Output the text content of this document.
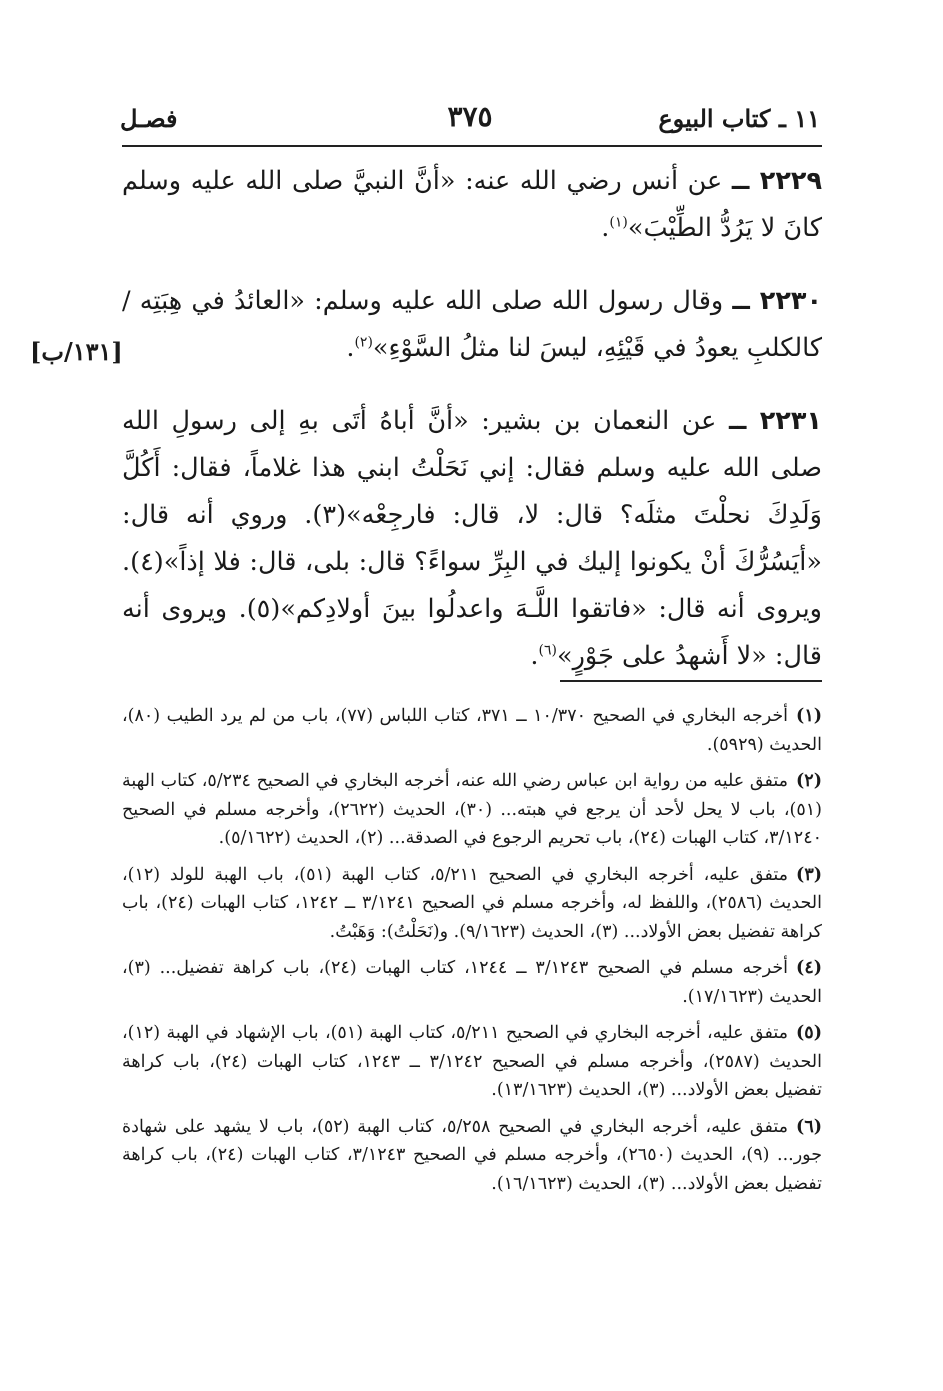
١١ ـ كتاب البيوع
٣٧٥
فصـل

٢٢٢٩ ــ عن أنس رضي الله عنه: «أنَّ النبيَّ صلى الله عليه وسلم كانَ لا يَرُدُّ الطِّيْبَ»$^{(١)}$.

٢٢٣٠ ــ وقال رسول الله صلى الله عليه وسلم: «العائدُ في هِبَتِه / كالكلبِ يعودُ في قَيْئِهِ، ليسَ لنا مثلُ السَّوْءِ»$^{(٢)}$.

٢٢٣١ ــ عن النعمان بن بشير: «أنَّ أباهُ أتَى بهِ إلى رسولِ الله صلى الله عليه وسلم فقال: إني نَحَلْتُ ابني هذا غلاماً، فقال: أَكُلَّ وَلَدِكَ نحلْتَ مثلَه؟ قال: لا، قال: فارجِعْه»(٣). وروي أنه قال: «أيَسُرُّكَ أنْ يكونوا إليك في البِرِّ سواءً؟ قال: بلى، قال: فلا إذاً»(٤). ويروى أنه قال: «فاتقوا اللَّـهَ واعدلُوا بينَ أولادِكم»(٥). ويروى أنه قال: «لا أَشهدُ على جَوْرٍ»$^{(٦)}$.

[١٣١/ب]

(١)أخرجه البخاري في الصحيح ١٠/٣٧٠ ــ ٣٧١، كتاب اللباس (٧٧)، باب من لم يرد الطيب (٨٠)، الحديث (٥٩٢٩).

(٢)متفق عليه من رواية ابن عباس رضي الله عنه، أخرجه البخاري في الصحيح ٥/٢٣٤، كتاب الهبة (٥١)، باب لا يحل لأحد أن يرجع في هبته... (٣٠)، الحديث (٢٦٢٢)، وأخرجه مسلم في الصحيح ٣/١٢٤٠، كتاب الهبات (٢٤)، باب تحريم الرجوع في الصدقة... (٢)، الحديث (٥/١٦٢٢).

(٣)متفق عليه، أخرجه البخاري في الصحيح ٥/٢١١، كتاب الهبة (٥١)، باب الهبة للولد (١٢)، الحديث (٢٥٨٦)، واللفظ له، وأخرجه مسلم في الصحيح ٣/١٢٤١ ــ ١٢٤٢، كتاب الهبات (٢٤)، باب كراهة تفضيل بعض الأولاد... (٣)، الحديث (٩/١٦٢٣). و(نَحَلْتُ): وَهَبْتُ.

(٤)أخرجه مسلم في الصحيح ٣/١٢٤٣ ــ ١٢٤٤، كتاب الهبات (٢٤)، باب كراهة تفضيل... (٣)، الحديث (١٧/١٦٢٣).

(٥)متفق عليه، أخرجه البخاري في الصحيح ٥/٢١١، كتاب الهبة (٥١)، باب الإشهاد في الهبة (١٢)، الحديث (٢٥٨٧)، وأخرجه مسلم في الصحيح ٣/١٢٤٢ ــ ١٢٤٣، كتاب الهبات (٢٤)، باب كراهة تفضيل بعض الأولاد... (٣)، الحديث (١٣/١٦٢٣).

(٦)متفق عليه، أخرجه البخاري في الصحيح ٥/٢٥٨، كتاب الهبة (٥٢)، باب لا يشهد على شهادة جور... (٩)، الحديث (٢٦٥٠)، وأخرجه مسلم في الصحيح ٣/١٢٤٣، كتاب الهبات (٢٤)، باب كراهة تفضيل بعض الأولاد... (٣)، الحديث (١٦/١٦٢٣).
